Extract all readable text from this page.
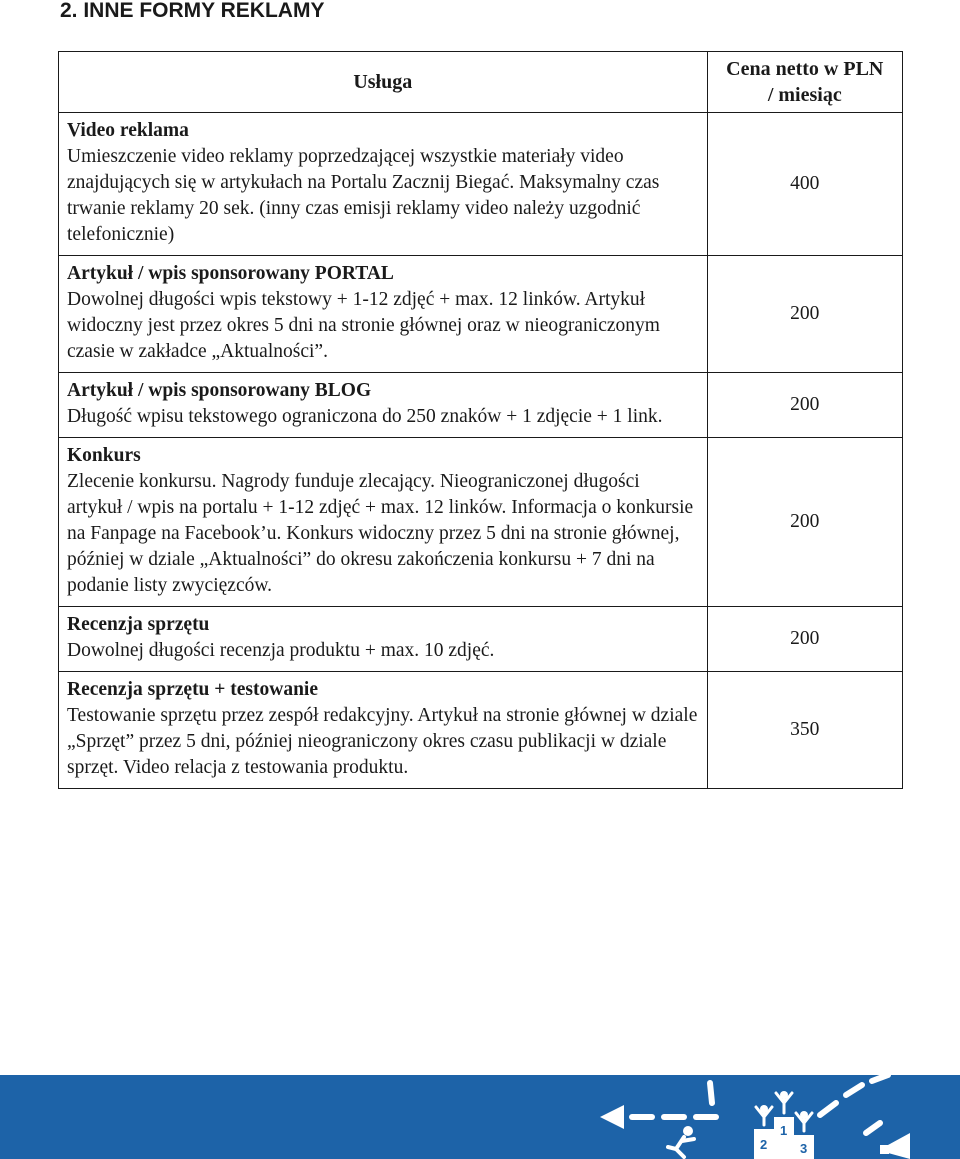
2. INNE FORMY REKLAMY
Usługa	Cena netto w PLN
/ miesiąc

Video reklama

Umieszczenie video reklamy poprzedzającej wszystkie materiały video znajdujących się w artykułach na Portalu Zacznij Biegać. Maksymalny czas trwanie reklamy 20 sek. (inny czas emisji reklamy video należy uzgodnić telefonicznie)	400

Artykuł / wpis sponsorowany PORTAL

Dowolnej długości wpis tekstowy + 1-12 zdjęć + max. 12 linków. Artykuł widoczny jest przez okres 5 dni na stronie głównej oraz w nieograniczonym czasie w zakładce „Aktualności”.	200

Artykuł / wpis sponsorowany BLOG

Długość wpisu tekstowego ograniczona do 250 znaków + 1 zdjęcie + 1 link.	200

Konkurs

Zlecenie konkursu. Nagrody funduje zlecający. Nieograniczonej długości artykuł / wpis na portalu + 1-12 zdjęć + max. 12 linków. Informacja o konkursie na Fanpage na Facebook’u. Konkurs widoczny przez 5 dni na stronie głównej, później w dziale „Aktualności” do okresu zakończenia konkursu + 7 dni na podanie listy zwycięzców.	200

Recenzja sprzętu

Dowolnej długości recenzja produktu + max. 10 zdjęć.	200

Recenzja sprzętu + testowanie

Testowanie sprzętu przez zespół redakcyjny. Artykuł na stronie głównej w dziale „Sprzęt” przez 5 dni, później nieograniczony okres czasu publikacji w dziale sprzęt. Video relacja z testowania produktu.	350
2
1
3
